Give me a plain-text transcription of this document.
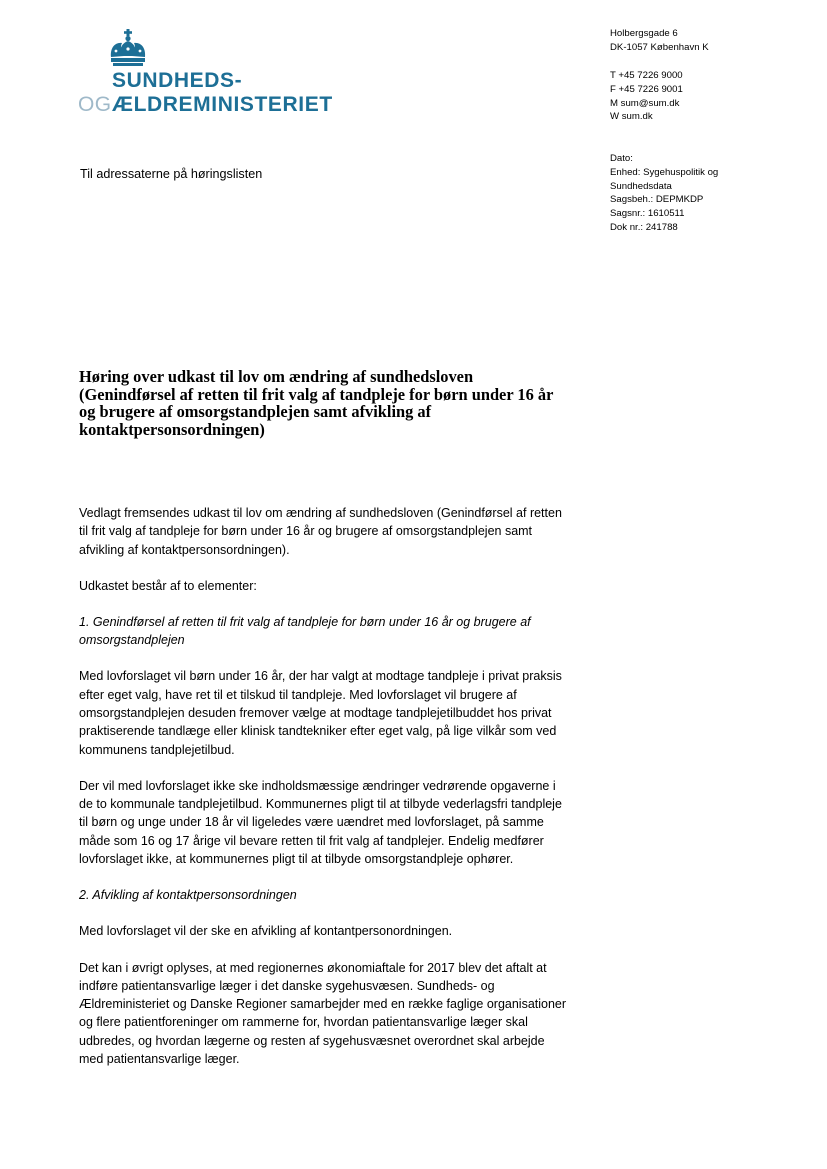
SUNDHEDS-
OG ÆLDREMINISTERIET
Holbergsgade 6
DK-1057 København K
T +45 7226 9000
F +45 7226 9001
M sum@sum.dk
W sum.dk
Dato:
Enhed: Sygehuspolitik og
Sundhedsdata
Sagsbeh.: DEPMKDP
Sagsnr.: 1610511
Dok nr.: 241788
Til adressaterne på høringslisten
Høring over udkast til lov om ændring af sundhedsloven (Genindførsel af retten til frit valg af tandpleje for børn under 16 år og brugere af omsorgstandplejen samt afvikling af kontaktpersonsordningen)

Vedlagt fremsendes udkast til lov om ændring af sundhedsloven (Genindførsel af retten til frit valg af tandpleje for børn under 16 år og brugere af omsorgstandplejen samt afvikling af kontaktpersonsordningen).

Udkastet består af to elementer:

1. Genindførsel af retten til frit valg af tandpleje for børn under 16 år og brugere af omsorgstandplejen

Med lovforslaget vil børn under 16 år, der har valgt at modtage tandpleje i privat praksis efter eget valg, have ret til et tilskud til tandpleje. Med lovforslaget vil brugere af omsorgstandplejen desuden fremover vælge at modtage tandplejetilbuddet hos privat praktiserende tandlæge eller klinisk tandtekniker efter eget valg, på lige vilkår som ved kommunens tandplejetilbud.

Der vil med lovforslaget ikke ske indholdsmæssige ændringer vedrørende opgaverne i de to kommunale tandplejetilbud. Kommunernes pligt til at tilbyde vederlagsfri tandpleje til børn og unge under 18 år vil ligeledes være uændret med lovforslaget, på samme måde som 16 og 17 årige vil bevare retten til frit valg af tandplejer. Endelig medfører lovforslaget ikke, at kommunernes pligt til at tilbyde omsorgstandpleje ophører.

2. Afvikling af kontaktpersonsordningen

Med lovforslaget vil der ske en afvikling af kontantpersonordningen.

Det kan i øvrigt oplyses, at med regionernes økonomiaftale for 2017 blev det aftalt at indføre patientansvarlige læger i det danske sygehusvæsen. Sundheds- og Ældreministeriet og Danske Regioner samarbejder med en række faglige organisationer og flere patientforeninger om rammerne for, hvordan patientansvarlige læger skal udbredes, og hvordan lægerne og resten af sygehusvæsnet overordnet skal arbejde med patientansvarlige læger.
